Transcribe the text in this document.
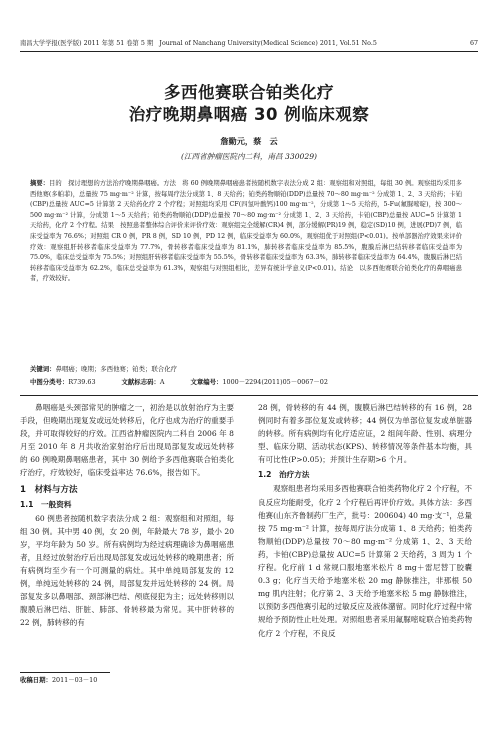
南昌大学学报(医学版) 2011 年第 51 卷第 5 期　Journal of Nanchang University(Medical Science) 2011, Vol.51 No.5	67
多西他赛联合铂类化疗
治疗晚期鼻咽癌 30 例临床观察
詹勤元，蔡　云
(江西省肿瘤医院内二科，南昌 330029)
摘要：目的　探讨理想的方法治疗晚期鼻咽癌。方法　将 60 例晚期鼻咽癌患者按随机数字表法分成 2 组：观察组和对照组，每组 30 例。观察组均采用多西他赛(多帕菲)，总量按 75 mg·m⁻² 计算，按每周疗法分成第 1、8 天给药；铂类药物顺铂(DDP)总量按 70～80 mg·m⁻² 分成第 1、2、3 天给药；卡铂(CBP)总量按 AUC=5 计算第 2 天给药化疗 2 个疗程；对照组均采用 CF(四氢叶酸钙)100 mg·m⁻²，分成第 1～5 天给药，5-Fu(氟脲嘧啶)，按 300～500 mg·m⁻² 计算，分成第 1～5 天给药；铂类药物顺铂(DDP)总量按 70～80 mg·m⁻² 分成第 1、2、3 天给药，卡铂(CBP)总量按 AUC=5 计算第 1 天给药，化疗 2 个疗程。结果　按照患者整体综合评价来评价疗效：观察组完全缓解(CR)4 例，部分缓解(PR)19 例，稳定(SD)10 例，进展(PD)7 例，临床受益率为 76.6%；对照组 CR 0 例，PR 8 例，SD 10 例，PD 12 例，临床受益率为 60.0%，观察组优于对照组(P<0.01)。按单部器治疗效果来评价疗效：观察组肝转移者临床受益率为 77.7%，骨转移者临床受益率为 81.1%，肺转移者临床受益率为 85.5%，腹膜后淋巴结转移者临床受益率为 75.0%，临床总受益率为 75.5%；对照组肝转移者临床受益率为 55.5%，骨转移者临床受益率为 63.3%，肺转移者临床受益率为 64.4%，腹膜后淋巴结转移者临床受益率为 62.2%，临床总受益率为 61.3%，观察组与对照组相比，差异有统计学意义(P<0.01)。结论　以多西他赛联合铂类化疗的鼻咽癌患者，疗效较好。
关键词：鼻咽癌；晚期；多西他赛；铂类；联合化疗
中图分类号：R739.63	文献标志码：A	文章编号：1000－2294(2011)05－0067－02

鼻咽癌是头颈部常见的肿瘤之一，初治是以放射治疗为主要手段，但晚期出现复发或远处转移后，化疗也成为治疗的重要手段，并可取得较好的疗效。江西省肿瘤医院内二科自 2006 年 8 月至 2010 年 8 月共收治家射治疗后出现局部复发或远处转移的 60 例晚期鼻咽癌患者，其中 30 例给予多西他赛联合铂类化疗治疗，疗效较好，临床受益率达 76.6%，报告如下。

1　材料与方法
1.1　一般资料

60 例患者按随机数字表法分成 2 组：观察组和对照组，每组 30 例。其中男 40 例，女 20 例，年龄最大 78 岁，最小 20 岁，平均年龄为 50 岁。所有病例均为经过病理确诊为鼻咽癌患者，且经过放射治疗后出现局部复发或远处转移的晚期患者；所有病例均至少有一个可测量的病灶。其中单纯局部复发的 12 例，单纯远处转移的 24 例，局部复发并远处转移的 24 例。局部复发多以鼻咽部、颈部淋巴结、颅底侵犯为主；远处转移则以腹膜后淋巴结、肝脏、肺部、骨转移最为常见。其中肝转移的 22 例，肺转移的有

28 例，骨转移的有 44 例，腹膜后淋巴结转移的有 16 例，28 例同时有着多部位复发或转移；44 例仅为单部位复发或单脏器的转移。所有病例均有化疗适应证，2 组间年龄、性别、病理分型、临床分期、活动状态(KPS)、转移情况等条件基本均衡，具有可比性(P>0.05)；并预计生存期>6 个月。

1.2　治疗方法

观察组患者均采用多西他赛联合铂类药物化疗 2 个疗程，不良反应均能耐受，化疗 2 个疗程后再评价疗效。具体方法：多西他赛(山东齐鲁制药厂生产，批号：200604) 40 mg·支⁻¹，总量按 75 mg·m⁻² 计算，按每周疗法分成第 1、8 天给药；铂类药物顺铂(DDP)总量按 70～80 mg·m⁻² 分成第 1、2、3 天给药，卡铂(CBP)总量按 AUC=5 计算第 2 天给药，3 周为 1 个疗程。化疗前 1 d 常规口服地塞米松片 8 mg＋雷尼替丁胶囊 0.3 g；化疗当天给予地塞米松 20 mg 静脉推注，非那根 50 mg 肌内注射；化疗第 2、3 天给予地塞米松 5 mg 静脉推注，以预防多西他赛引起的过敏反应及液体潴留。同时化疗过程中常规给予预防性止吐处理。对照组患者采用氟脲嘧啶联合铂类药物化疗 2 个疗程，不良反

收稿日期：2011－03－10
